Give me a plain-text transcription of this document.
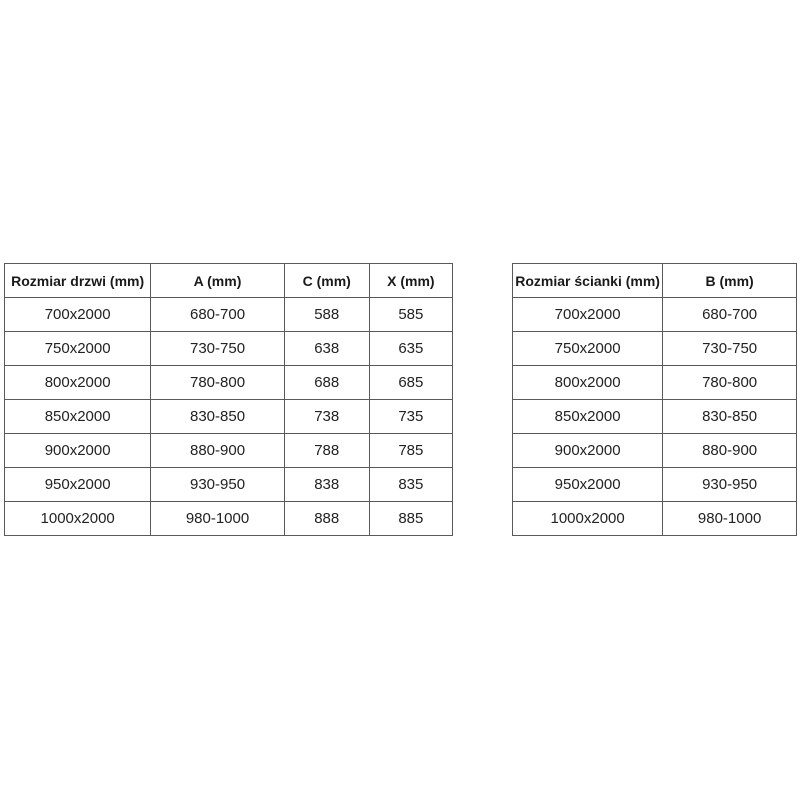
Rozmiar drzwi (mm)	A (mm)	C (mm)	X (mm)
700x2000	680-700	588	585
750x2000	730-750	638	635
800x2000	780-800	688	685
850x2000	830-850	738	735
900x2000	880-900	788	785
950x2000	930-950	838	835
1000x2000	980-1000	888	885
Rozmiar ścianki (mm)	B (mm)
700x2000	680-700
750x2000	730-750
800x2000	780-800
850x2000	830-850
900x2000	880-900
950x2000	930-950
1000x2000	980-1000
